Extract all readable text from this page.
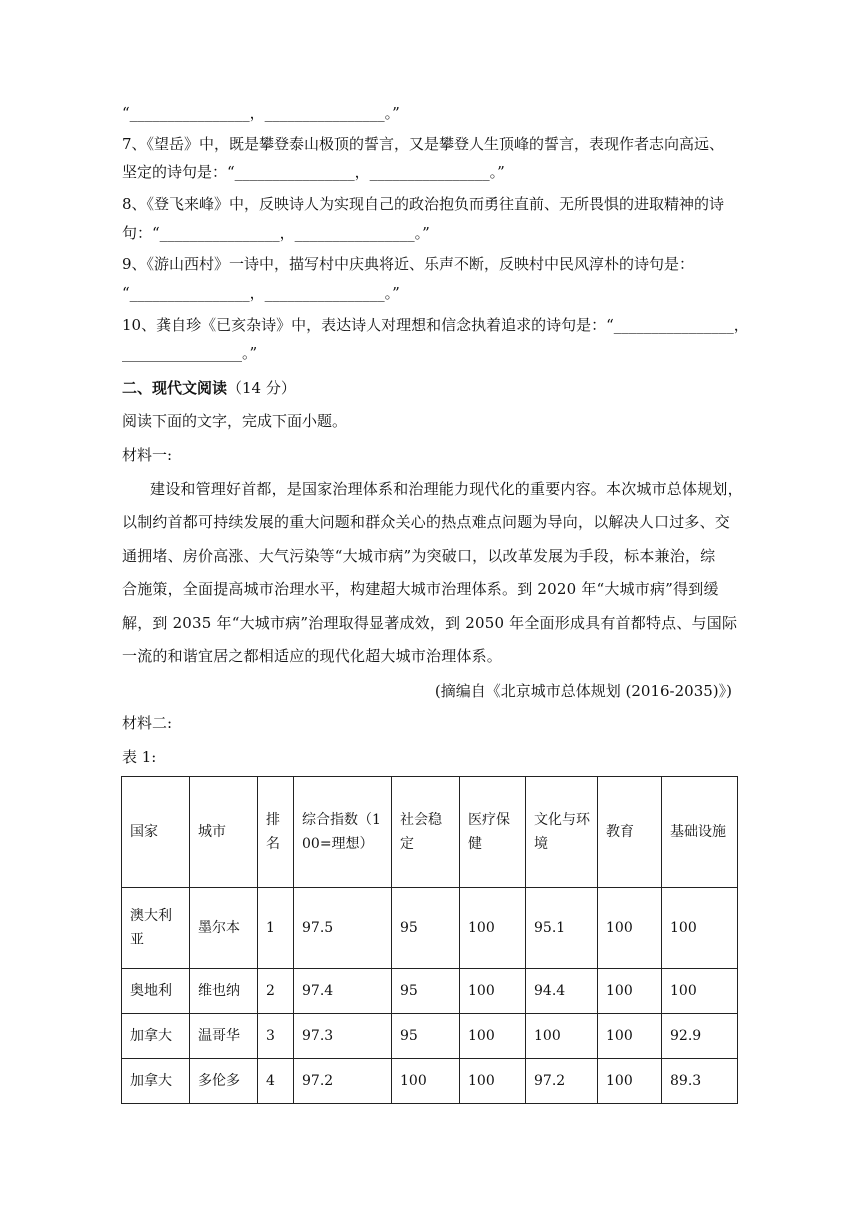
“________________，________________。”
7、《望岳》中，既是攀登泰山极顶的誓言，又是攀登人生顶峰的誓言，表现作者志向高远、
坚定的诗句是：“________________，________________。”
8、《登飞来峰》中，反映诗人为实现自己的政治抱负而勇往直前、无所畏惧的进取精神的诗
句：“________________，________________。”
9、《游山西村》一诗中，描写村中庆典将近、乐声不断，反映村中民风淳朴的诗句是：
“________________，________________。”
10、龚自珍《已亥杂诗》中，表达诗人对理想和信念执着追求的诗句是：“________________，
________________。”
二、现代文阅读（14 分）
阅读下面的文字，完成下面小题。
材料一:
建设和管理好首都，是国家治理体系和治理能力现代化的重要内容。本次城市总体规划，
以制约首都可持续发展的重大问题和群众关心的热点难点问题为导向，以解决人口过多、交
通拥堵、房价高涨、大气污染等“大城市病”为突破口，以改革发展为手段，标本兼治，综
合施策，全面提高城市治理水平，构建超大城市治理体系。到 2020 年“大城市病”得到缓
解，到 2035 年“大城市病”治理取得显著成效，到 2050 年全面形成具有首都特点、与国际
一流的和谐宜居之都相适应的现代化超大城市治理体系。
(摘编自《北京城市总体规划 (2016-2035)》)
材料二:
表 1:
国家	城市	排名	综合指数（100=理想）	社会稳定	医疗保健	文化与环境	教育	基础设施
澳大利亚	墨尔本	1	97.5	95	100	95.1	100	100
奥地利	维也纳	2	97.4	95	100	94.4	100	100
加拿大	温哥华	3	97.3	95	100	100	100	92.9
加拿大	多伦多	4	97.2	100	100	97.2	100	89.3
